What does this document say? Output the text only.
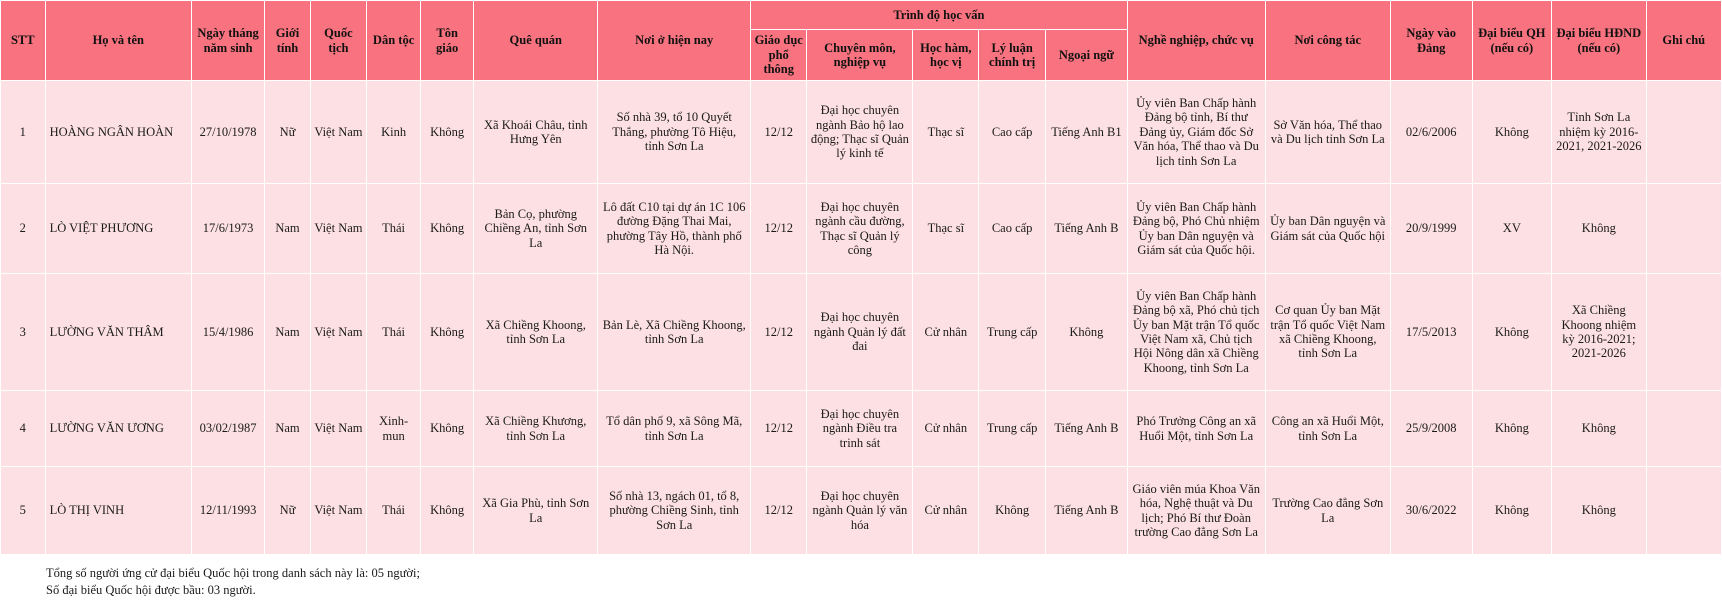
STT	Họ và tên	Ngày tháng năm sinh	Giới tính	Quốc tịch	Dân tộc	Tôn giáo	Quê quán	Nơi ở hiện nay	Trình độ học vấn					Nghề nghiệp, chức vụ	Nơi công tác	Ngày vào Đảng	Đại biểu QH (nếu có)	Đại biểu HĐND (nếu có)	Ghi chú
									Giáo dục phổ thông	Chuyên môn, nghiệp vụ	Học hàm, học vị	Lý luận chính trị	Ngoại ngữ						
1	HOÀNG NGÂN HOÀN	27/10/1978	Nữ	Việt Nam	Kinh	Không	Xã Khoái Châu, tỉnh Hưng Yên	Số nhà 39, tổ 10 Quyết Thắng, phường Tô Hiệu, tỉnh Sơn La	12/12	Đại học chuyên ngành Bảo hộ lao động; Thạc sĩ Quản lý kinh tế	Thạc sĩ	Cao cấp	Tiếng Anh B1	Ủy viên Ban Chấp hành Đảng bộ tỉnh, Bí thư Đảng ủy, Giám đốc Sở Văn hóa, Thể thao và Du lịch tỉnh Sơn La	Sở Văn hóa, Thể thao và Du lịch tỉnh Sơn La	02/6/2006	Không	Tỉnh Sơn La nhiệm kỳ 2016-2021, 2021-2026	
2	LÒ VIỆT PHƯƠNG	17/6/1973	Nam	Việt Nam	Thái	Không	Bản Cọ, phường Chiềng An, tỉnh Sơn La	Lô đất C10 tại dự án 1C 106 đường Đặng Thai Mai, phường Tây Hồ, thành phố Hà Nội.	12/12	Đại học chuyên ngành cầu đường, Thạc sĩ Quản lý công	Thạc sĩ	Cao cấp	Tiếng Anh B	Ủy viên Ban Chấp hành Đảng bộ, Phó Chủ nhiệm Ủy ban Dân nguyện và Giám sát của Quốc hội.	Ủy ban Dân nguyện và Giám sát của Quốc hội	20/9/1999	XV	Không	
3	LƯỜNG VĂN THÂM	15/4/1986	Nam	Việt Nam	Thái	Không	Xã Chiềng Khoong, tỉnh Sơn La	Bản Lè, Xã Chiềng Khoong, tỉnh Sơn La	12/12	Đại học chuyên ngành Quản lý đất đai	Cử nhân	Trung cấp	Không	Ủy viên Ban Chấp hành Đảng bộ xã, Phó chủ tịch Ủy ban Mặt trận Tổ quốc Việt Nam xã, Chủ tịch Hội Nông dân xã Chiềng Khoong, tỉnh Sơn La	Cơ quan Ủy ban Mặt trận Tổ quốc Việt Nam xã Chiềng Khoong, tỉnh Sơn La	17/5/2013	Không	Xã Chiềng Khoong nhiệm kỳ 2016-2021; 2021-2026	
4	LƯỜNG VĂN ƯƠNG	03/02/1987	Nam	Việt Nam	Xinh-mun	Không	Xã Chiềng Khương, tỉnh Sơn La	Tổ dân phố 9, xã Sông Mã, tỉnh Sơn La	12/12	Đại học chuyên ngành Điều tra trinh sát	Cử nhân	Trung cấp	Tiếng Anh B	Phó Trưởng Công an xã Huổi Một, tỉnh Sơn La	Công an xã Huổi Một, tỉnh Sơn La	25/9/2008	Không	Không	
5	LÒ THỊ VINH	12/11/1993	Nữ	Việt Nam	Thái	Không	Xã Gia Phù, tỉnh Sơn La	Số nhà 13, ngách 01, tổ 8, phường Chiềng Sinh, tỉnh Sơn La	12/12	Đại học chuyên ngành Quản lý văn hóa	Cử nhân	Không	Tiếng Anh B	Giáo viên múa Khoa Văn hóa, Nghệ thuật và Du lịch; Phó Bí thư Đoàn trường Cao đẳng Sơn La	Trường Cao đẳng Sơn La	30/6/2022	Không	Không	
Tổng số người ứng cử đại biểu Quốc hội trong danh sách này là: 05 người;
Số đại biểu Quốc hội được bầu: 03 người.
